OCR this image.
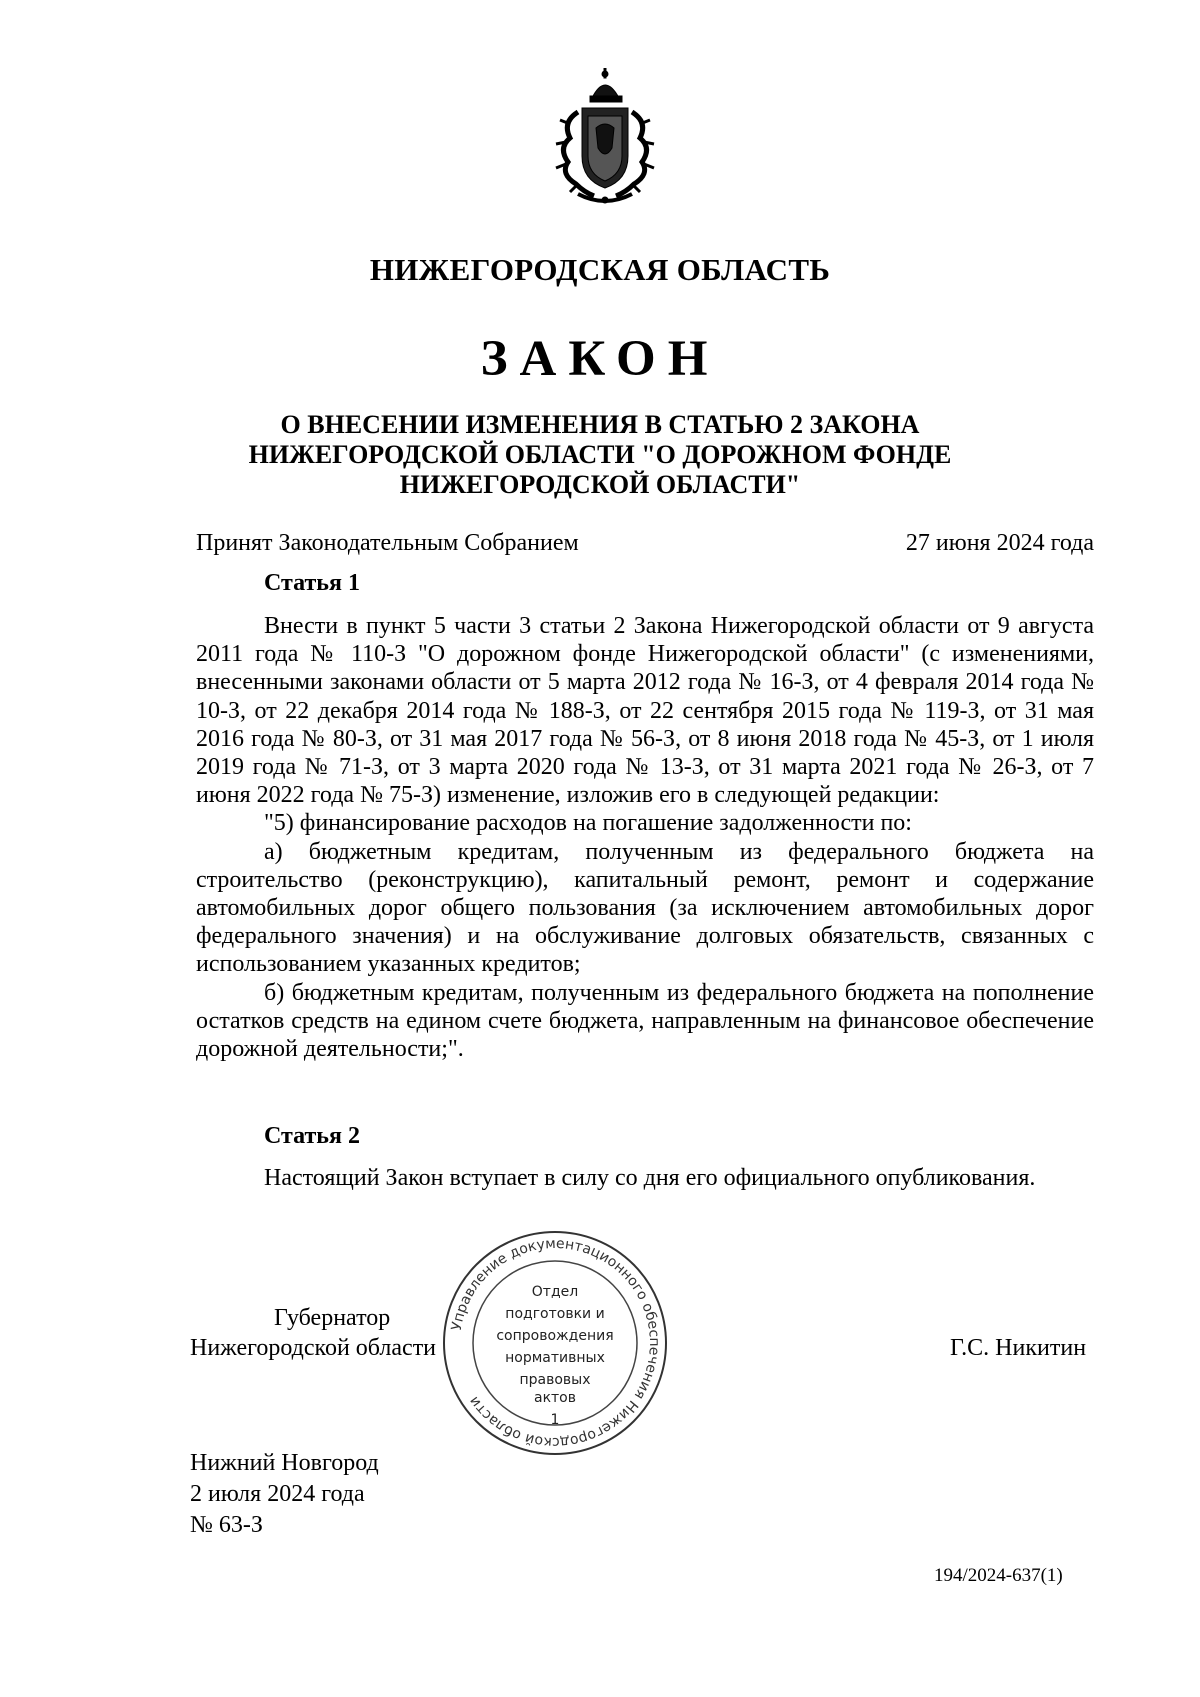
НИЖЕГОРОДСКАЯ ОБЛАСТЬ
ЗАКОН
О ВНЕСЕНИИ ИЗМЕНЕНИЯ В СТАТЬЮ 2 ЗАКОНА
НИЖЕГОРОДСКОЙ ОБЛАСТИ "О ДОРОЖНОМ ФОНДЕ
НИЖЕГОРОДСКОЙ ОБЛАСТИ"
Принят Законодательным Собранием	27 июня 2024 года
Статья 1

Внести в пункт 5 части 3 статьи 2 Закона Нижегородской области от 9 августа 2011 года № 110-З "О дорожном фонде Нижегородской области" (с изменениями, внесенными законами области от 5 марта 2012 года № 16-З, от 4 февраля 2014 года № 10-З, от 22 декабря 2014 года № 188-З, от 22 сентября 2015 года № 119-З, от 31 мая 2016 года № 80-З, от 31 мая 2017 года № 56-З, от 8 июня 2018 года № 45-З, от 1 июля 2019 года № 71-З, от 3 марта 2020 года № 13-З, от 31 марта 2021 года № 26-З, от 7 июня 2022 года № 75-З) изменение, изложив его в следующей редакции:

"5) финансирование расходов на погашение задолженности по:

а) бюджетным кредитам, полученным из федерального бюджета на строительство (реконструкцию), капитальный ремонт, ремонт и содержание автомобильных дорог общего пользования (за исключением автомобильных дорог федерального значения) и на обслуживание долговых обязательств, связанных с использованием указанных кредитов;

б) бюджетным кредитам, полученным из федерального бюджета на пополнение остатков средств на едином счете бюджета, направленным на финансовое обеспечение дорожной деятельности;".

Статья 2

Настоящий Закон вступает в силу со дня его официального опубликования.

Губернатор
Нижегородской области	Г.С. Никитин
Управление документационного обеспечения Нижегородской области
Отдел
подготовки и
сопровождения
нормативных
правовых
актов
1
Нижний Новгород
2 июля 2024 года
№ 63-З
194/2024-637(1)
